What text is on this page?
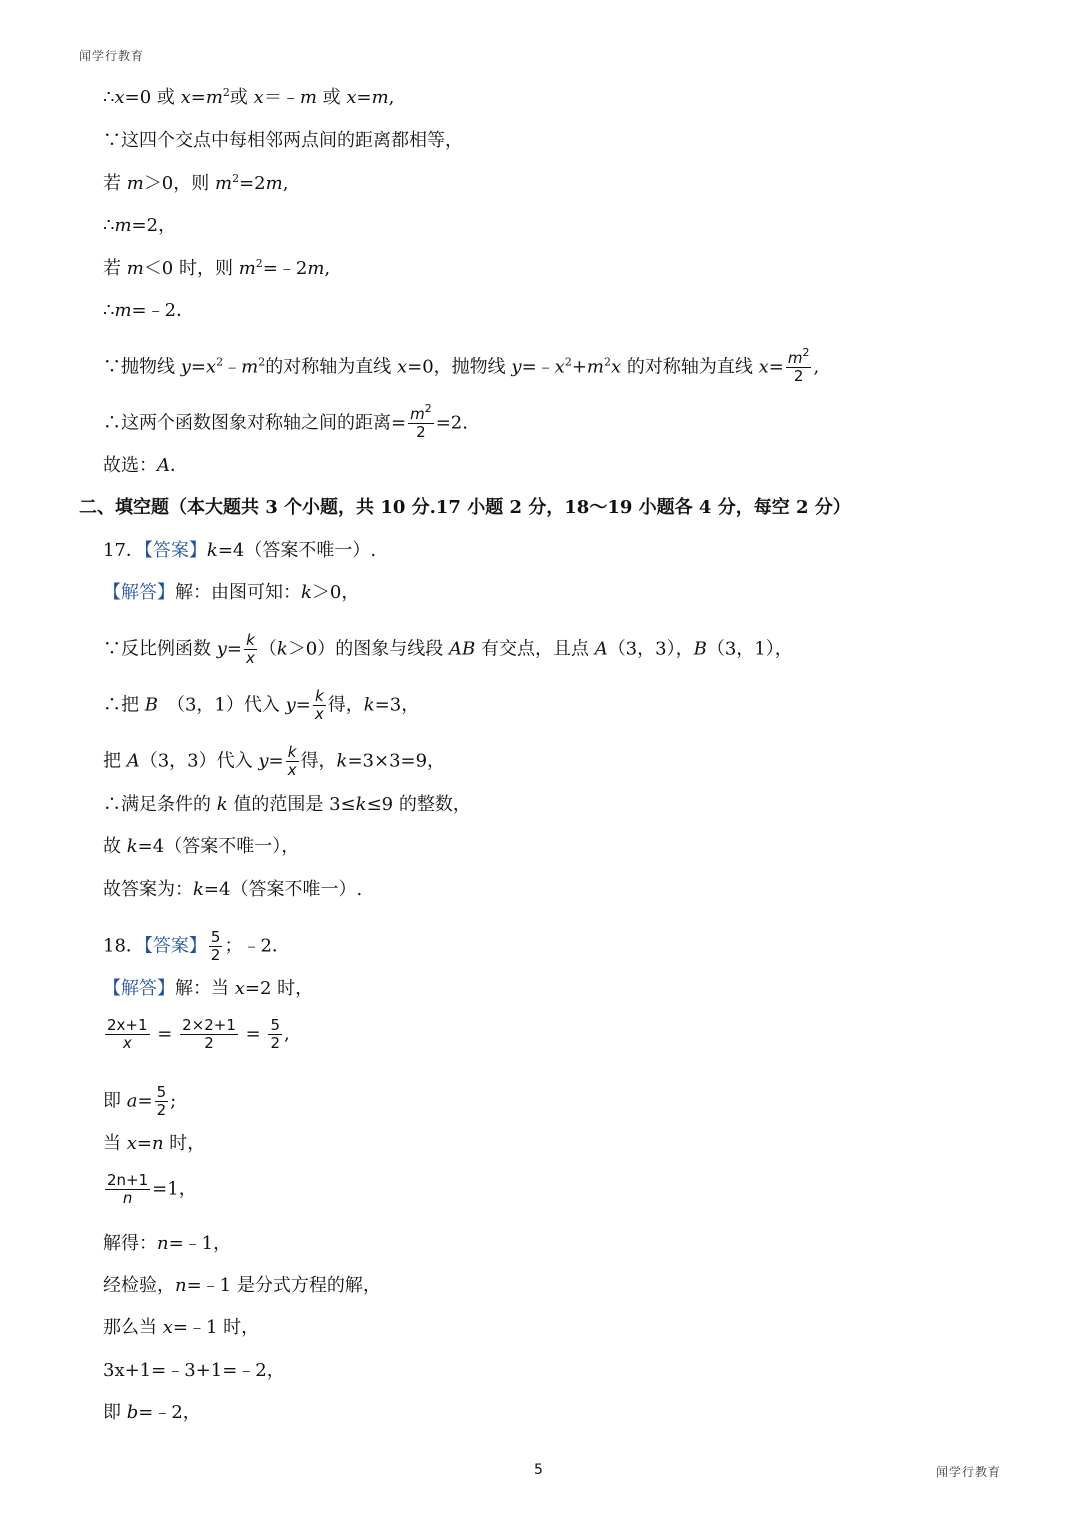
闻学行教育
∴x=0 或 $x=m^2$或 x＝﹣m 或 x=m,
∵这四个交点中每相邻两点间的距离都相等，
若 m＞0，则 $m^2=2m$,
∴m=2，
若 m＜0 时，则 $m^2=﹣2m$,
∴m=﹣2．
∵抛物线 $y=x^2﹣m^2$的对称轴为直线 x=0，抛物线 $y=﹣x^2+m^2x$ 的对称轴为直线 $x= \frac{m^2}{2}$ ,
∴这两个函数图象对称轴之间的距离= $\frac{m^2}{2} =2$.
故选：A．
二、填空题（本大题共 3 个小题，共 10 分.17 小题 2 分，18～19 小题各 4 分，每空 2 分）
17．【答案】k=4（答案不唯一）.
【解答】解：由图可知：k＞0，
∵反比例函数 $y= \frac{k}{x} (k>0)$的图象与线段 AB 有交点，且点 A（3，3），B（3，1），
∴把 B　（3，1）代入 $y= \frac{k}{x}$ 得，k=3，
把 A（3，3）代入 $y= \frac{k}{x}$ 得，k=3×3=9，
∴满足条件的 k 值的范围是 3≤k≤9 的整数，
故 k=4（答案不唯一），
故答案为：k=4（答案不唯一）.
18．【答案】 $\frac{5}{2}$ ；﹣2．
【解答】解：当 x=2 时，
$\frac{2x+1}{x} = \frac{2\times 2+1}{2} = \frac{5}{2}$ ,
即 $a= \frac{5}{2}$ ;
当 x=n 时，
$\frac{2n+1}{n} =1$，
解得：n=﹣1，
经检验，n=﹣1 是分式方程的解，
那么当 x=﹣1 时，
3x+1=﹣3+1=﹣2，
即 b=﹣2，
5	闻学行教育
